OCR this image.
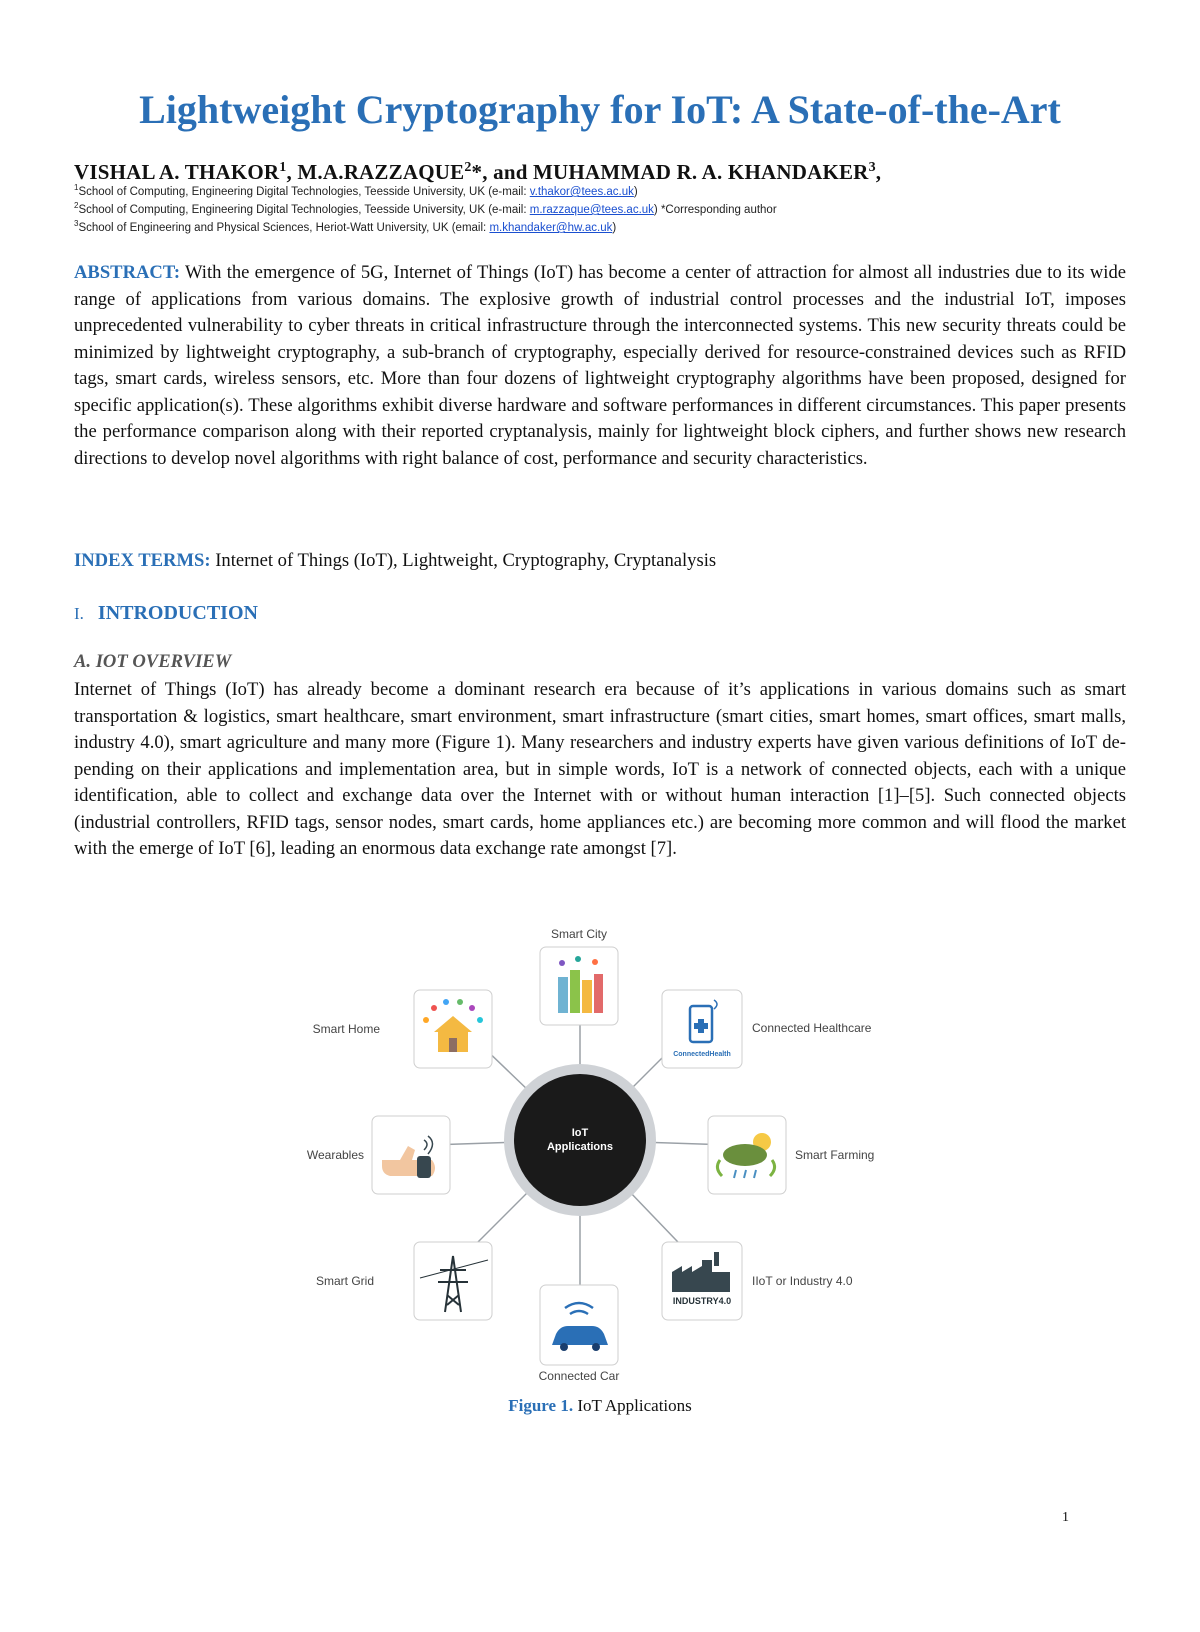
Lightweight Cryptography for IoT: A State-of-the-Art
VISHAL A. THAKOR$^1$, M.A.RAZZAQUE$^2$*, and MUHAMMAD R. A. KHANDAKER$^3$,
$^1$School of Computing, Engineering Digital Technologies, Teesside University, UK (e-mail: v.thakor@tees.ac.uk)
$^2$School of Computing, Engineering Digital Technologies, Teesside University, UK (e-mail: m.razzaque@tees.ac.uk) *Corresponding author
$^3$School of Engineering and Physical Sciences, Heriot-Watt University, UK (email: m.khandaker@hw.ac.uk)
ABSTRACT: With the emergence of 5G, Internet of Things (IoT) has become a center of attraction for almost all industries due to its wide range of applications from various domains. The explosive growth of industrial control processes and the industrial IoT, imposes unprecedented vulnerability to cyber threats in critical infrastructure through the interconnected systems. This new security threats could be minimized by lightweight cryptography, a sub-branch of cryptography, especially derived for resource-constrained devices such as RFID tags, smart cards, wireless sensors, etc. More than four dozens of lightweight cryptography algorithms have been proposed, designed for specific application(s). These algorithms exhibit diverse hardware and software performances in different circumstances. This paper presents the performance comparison along with their reported cryptanalysis, mainly for lightweight block ciphers, and further shows new research directions to develop novel algorithms with right balance of cost, performance and security characteristics.
INDEX TERMS: Internet of Things (IoT), Lightweight, Cryptography, Cryptanalysis
I. INTRODUCTION
A. IOT OVERVIEW
Internet of Things (IoT) has already become a dominant research era because of it’s applications in various domains such as smart transportation & logistics, smart healthcare, smart environment, smart infrastructure (smart cities, smart homes, smart offices, smart malls, industry 4.0), smart agriculture and many more (Figure 1). Many researchers and industry experts have given various definitions of IoT de- pending on their applications and implementation area, but in simple words, IoT is a network of connected objects, each with a unique identification, able to collect and exchange data over the Internet with or without human interaction [1]–[5]. Such connected objects (industrial controllers, RFID tags, sensor nodes, smart cards, home appliances etc.) are becoming more common and will flood the market with the emerge of IoT [6], leading an enormous data exchange rate amongst [7].
IoT
Applications
Smart City
ConnectedHealth
Connected Healthcare
Smart Farming
INDUSTRY4.0
IIoT or Industry 4.0
Connected Car
Smart Grid
Wearables
Smart Home
Figure 1. IoT Applications
1
